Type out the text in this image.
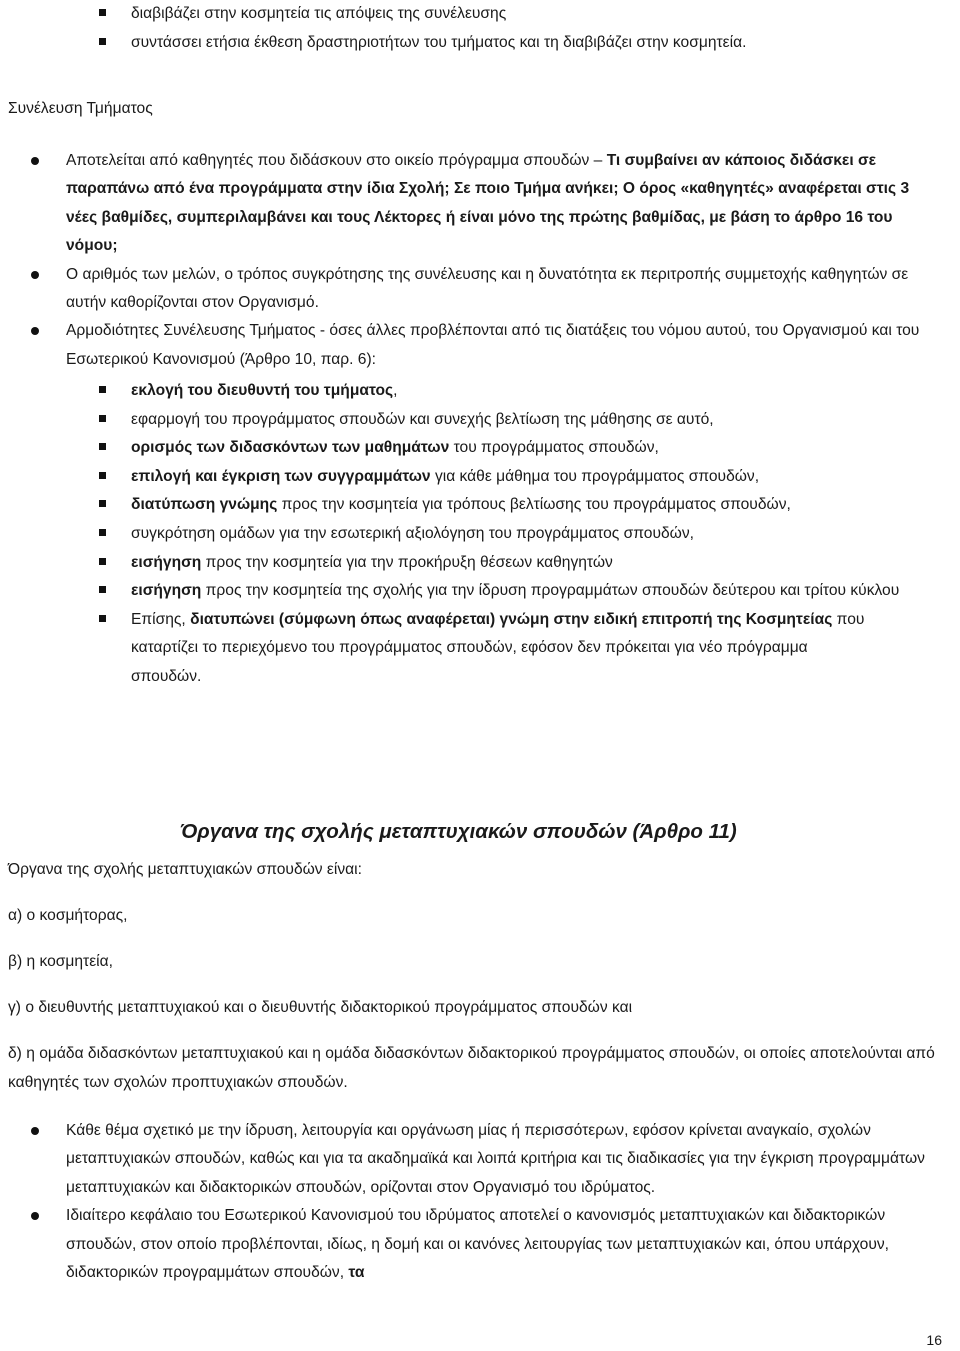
διαβιβάζει στην κοσμητεία τις απόψεις της συνέλευσης
συντάσσει ετήσια έκθεση δραστηριοτήτων του τμήματος και τη διαβιβάζει στην κοσμητεία.
Συνέλευση Τμήματος
Αποτελείται από καθηγητές που διδάσκουν στο οικείο πρόγραμμα σπουδών – Τι συμβαίνει αν κάποιος διδάσκει σε παραπάνω από ένα προγράμματα στην ίδια Σχολή; Σε ποιο Τμήμα ανήκει; Ο όρος «καθηγητές» αναφέρεται στις 3 νέες βαθμίδες, συμπεριλαμβάνει και τους Λέκτορες ή είναι μόνο της πρώτης βαθμίδας, με βάση το άρθρο 16 του νόμου;
Ο αριθμός των μελών, ο τρόπος συγκρότησης της συνέλευσης και η δυνατότητα εκ περιτροπής συμμετοχής καθηγητών σε αυτήν καθορίζονται στον Οργανισμό.
Αρμοδιότητες Συνέλευσης Τμήματος - όσες άλλες προβλέπονται από τις διατάξεις του νόμου αυτού, του Οργανισμού και του Εσωτερικού Κανονισμού (Άρθρο 10, παρ. 6):
εκλογή του διευθυντή του τμήματος,
εφαρμογή του προγράμματος σπουδών και συνεχής βελτίωση της μάθησης σε αυτό,
ορισμός των διδασκόντων των μαθημάτων του προγράμματος σπουδών,
επιλογή και έγκριση των συγγραμμάτων για κάθε μάθημα του προγράμματος σπουδών,
διατύπωση γνώμης προς την κοσμητεία για τρόπους βελτίωσης του προγράμματος σπουδών,
συγκρότηση ομάδων για την εσωτερική αξιολόγηση του προγράμματος σπουδών,
εισήγηση προς την κοσμητεία για την προκήρυξη θέσεων καθηγητών
εισήγηση προς την κοσμητεία της σχολής για την ίδρυση προγραμμάτων σπουδών δεύτερου και τρίτου κύκλου
Επίσης, διατυπώνει (σύμφωνη όπως αναφέρεται) γνώμη στην ειδική επιτροπή της Κοσμητείας που καταρτίζει το περιεχόμενο του προγράμματος σπουδών, εφόσον δεν πρόκειται για νέο πρόγραμμα σπουδών.
Όργανα της σχολής μεταπτυχιακών σπουδών (Άρθρο 11)
Όργανα της σχολής μεταπτυχιακών σπουδών είναι:
α) ο κοσμήτορας,
β) η κοσμητεία,
γ) ο διευθυντής μεταπτυχιακού και ο διευθυντής διδακτορικού προγράμματος σπουδών και
δ) η ομάδα διδασκόντων μεταπτυχιακού και η ομάδα διδασκόντων διδακτορικού προγράμματος σπουδών, οι οποίες αποτελούνται από καθηγητές των σχολών προπτυχιακών σπουδών.
Κάθε θέμα σχετικό με την ίδρυση, λειτουργία και οργάνωση μίας ή περισσότερων, εφόσον κρίνεται αναγκαίο, σχολών μεταπτυχιακών σπουδών, καθώς και για τα ακαδημαϊκά και λοιπά κριτήρια και τις διαδικασίες για την έγκριση προγραμμάτων μεταπτυχιακών και διδακτορικών σπουδών, ορίζονται στον Οργανισμό του ιδρύματος.
Ιδιαίτερο κεφάλαιο του Εσωτερικού Κανονισμού του ιδρύματος αποτελεί ο κανονισμός μεταπτυχιακών και διδακτορικών σπουδών, στον οποίο προβλέπονται, ιδίως, η δομή και οι κανόνες λειτουργίας των μεταπτυχιακών και, όπου υπάρχουν, διδακτορικών προγραμμάτων σπουδών, τα
16
